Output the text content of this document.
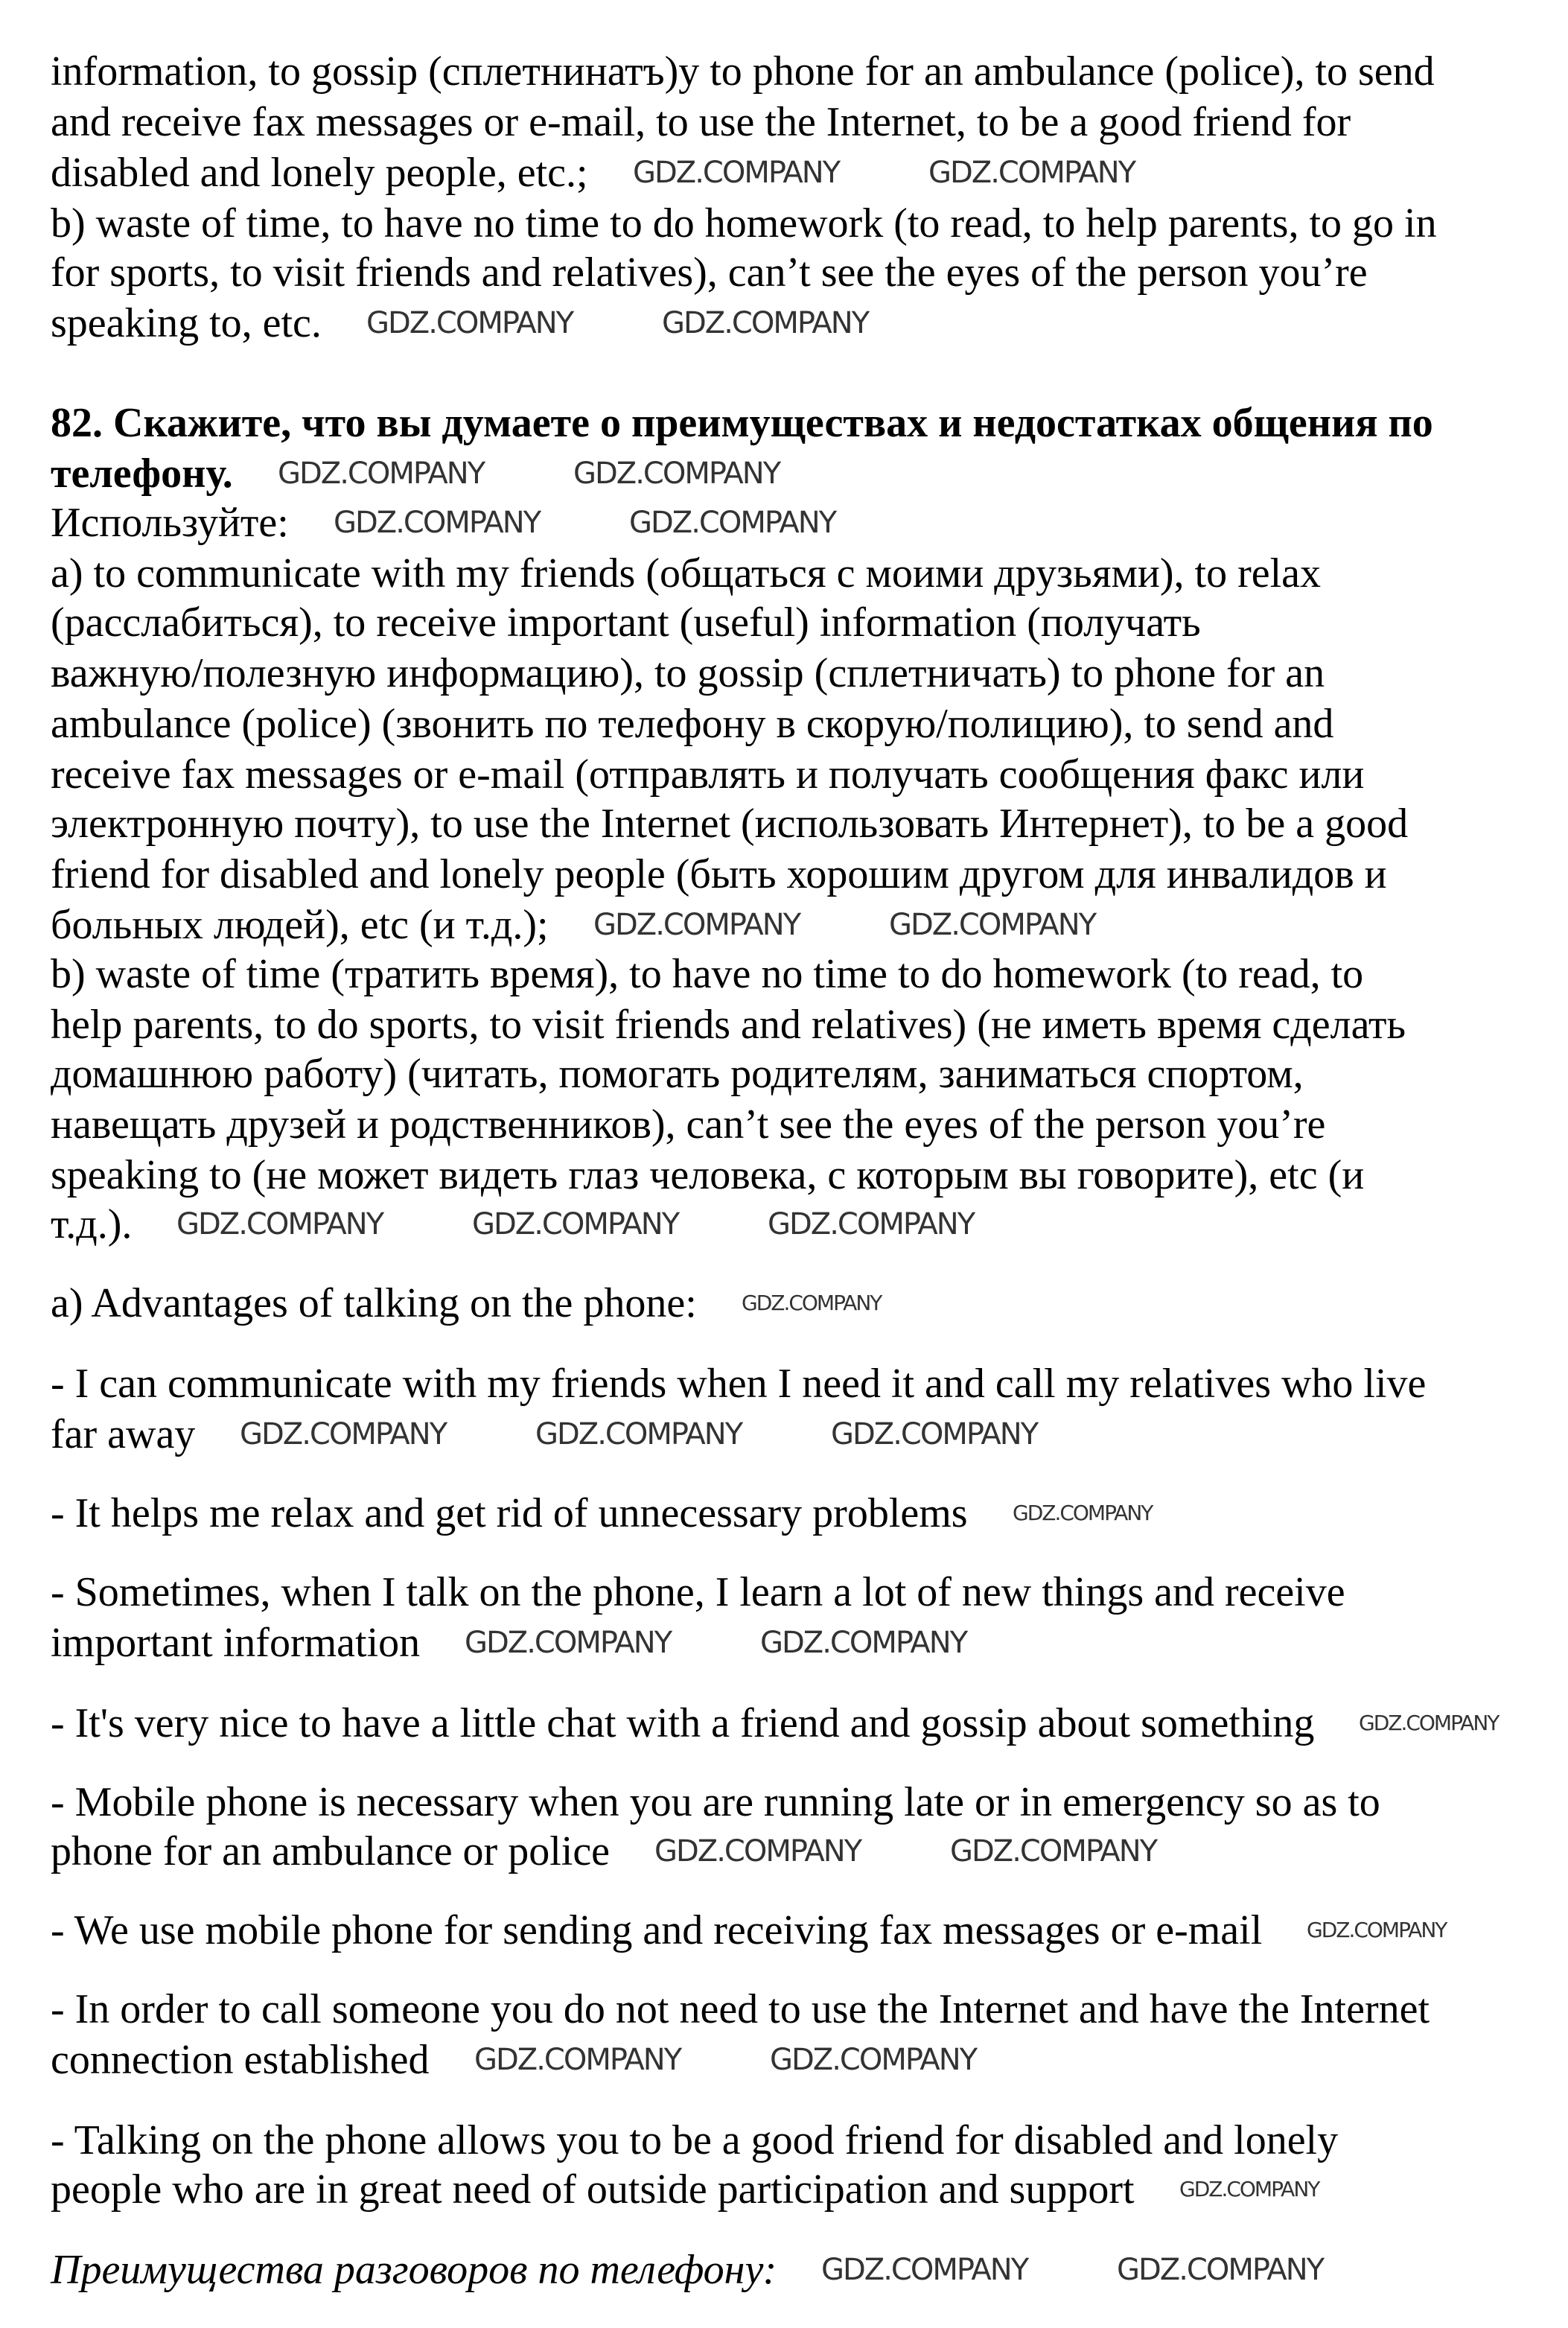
information, to gossip (сплетнинатъ)у to phone for an ambulance (police), to send
and receive fax messages or e-mail, to use the Internet, to be a good friend for
disabled and lonely people, etc.;
b) waste of time, to have no time to do homework (to read, to help parents, to go in
for sports, to visit friends and relatives), can’t see the eyes of the person you’re
speaking to, etc.
82. Скажите, что вы думаете о преимуществах и недостатках общения по
телефону.
Используйте:
a) to communicate with my friends (общаться с моими друзьями), to relax
(расслабиться), to receive important (useful) information (получать
важную/полезную информацию), to gossip (сплетничать) to phone for an
ambulance (police) (звонить по телефону в скорую/полицию), to send and
receive fax messages or e-mail (отправлять и получать сообщения факс или
электронную почту), to use the Internet (использовать Интернет), to be a good
friend for disabled and lonely people (быть хорошим другом для инвалидов и
больных людей), etc (и т.д.);
b) waste of time (тратить время), to have no time to do homework (to read, to
help parents, to do sports, to visit friends and relatives) (не иметь время сделать
домашнюю работу) (читать, помогать родителям, заниматься спортом,
навещать друзей и родственников), can’t see the eyes of the person you’re
speaking to (не может видеть глаз человека, с которым вы говорите), etc (и
т.д.).
a) Advantages of talking on the phone:
- I can communicate with my friends when I need it and call my relatives who live
far away
- It helps me relax and get rid of unnecessary problems
- Sometimes, when I talk on the phone, I learn a lot of new things and receive
important information
- It's very nice to have a little chat with a friend and gossip about something
- Mobile phone is necessary when you are running late or in emergency so as to
phone for an ambulance or police
- We use mobile phone for sending and receiving fax messages or e-mail
- In order to call someone you do not need to use the Internet and have the Internet
connection established
- Talking on the phone allows you to be a good friend for disabled and lonely
people who are in great need of outside participation and support
Преимущества разговоров по телефону:
GDZ.COMPANY	GDZ.COMPANY
GDZ.COMPANY	GDZ.COMPANY
GDZ.COMPANY	GDZ.COMPANY
GDZ.COMPANY	GDZ.COMPANY
GDZ.COMPANY	GDZ.COMPANY
GDZ.COMPANY	GDZ.COMPANY	GDZ.COMPANY
GDZ.COMPANY
GDZ.COMPANY	GDZ.COMPANY	GDZ.COMPANY
GDZ.COMPANY
GDZ.COMPANY	GDZ.COMPANY
GDZ.COMPANY
GDZ.COMPANY	GDZ.COMPANY
GDZ.COMPANY
GDZ.COMPANY	GDZ.COMPANY
GDZ.COMPANY
GDZ.COMPANY	GDZ.COMPANY
